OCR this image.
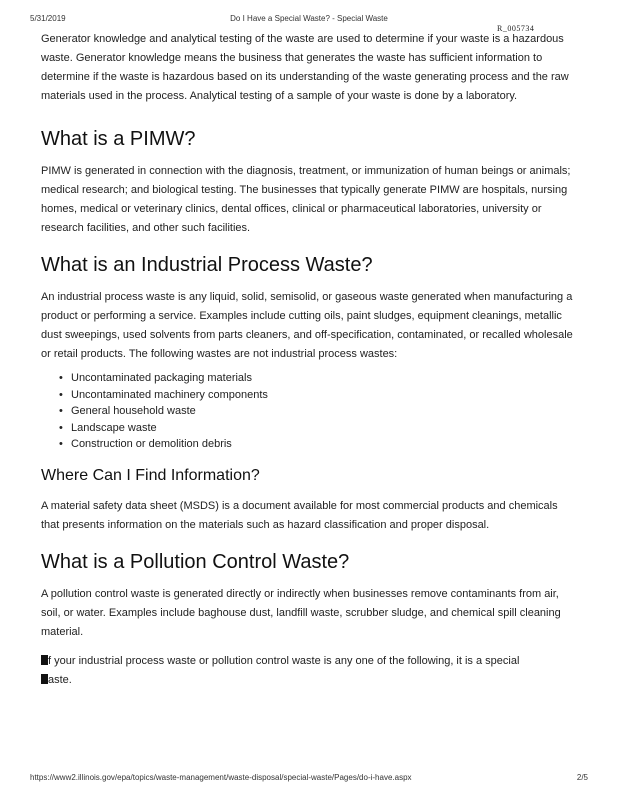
5/31/2019	Do I Have a Special Waste? - Special Waste
R_005734

Generator knowledge and analytical testing of the waste are used to determine if your waste is a hazardous waste. Generator knowledge means the business that generates the waste has sufficient information to determine if the waste is hazardous based on its understanding of the waste generating process and the raw materials used in the process. Analytical testing of a sample of your waste is done by a laboratory.

What is a PIMW?

PIMW is generated in connection with the diagnosis, treatment, or immunization of human beings or animals; medical research; and biological testing. The businesses that typically generate PIMW are hospitals, nursing homes, medical or veterinary clinics, dental offices, clinical or pharmaceutical laboratories, university or research facilities, and other such facilities.

What is an Industrial Process Waste?

An industrial process waste is any liquid, solid, semisolid, or gaseous waste generated when manufacturing a product or performing a service. Examples include cutting oils, paint sludges, equipment cleanings, metallic dust sweepings, used solvents from parts cleaners, and off-specification, contaminated, or recalled wholesale or retail products. The following wastes are not industrial process wastes:

• Uncontaminated packaging materials
• Uncontaminated machinery components
• General household waste
• Landscape waste
• Construction or demolition debris
Where Can I Find Information?

A material safety data sheet (MSDS) is a document available for most commercial products and chemicals that presents information on the materials such as hazard classification and proper disposal.

What is a Pollution Control Waste?

A pollution control waste is generated directly or indirectly when businesses remove contaminants from air, soil, or water. Examples include baghouse dust, landfill waste, scrubber sludge, and chemical spill cleaning material.

f your industrial process waste or pollution control waste is any one of the following, it is a special
aste.
https://www2.illinois.gov/epa/topics/waste-management/waste-disposal/special-waste/Pages/do-i-have.aspx	2/5
